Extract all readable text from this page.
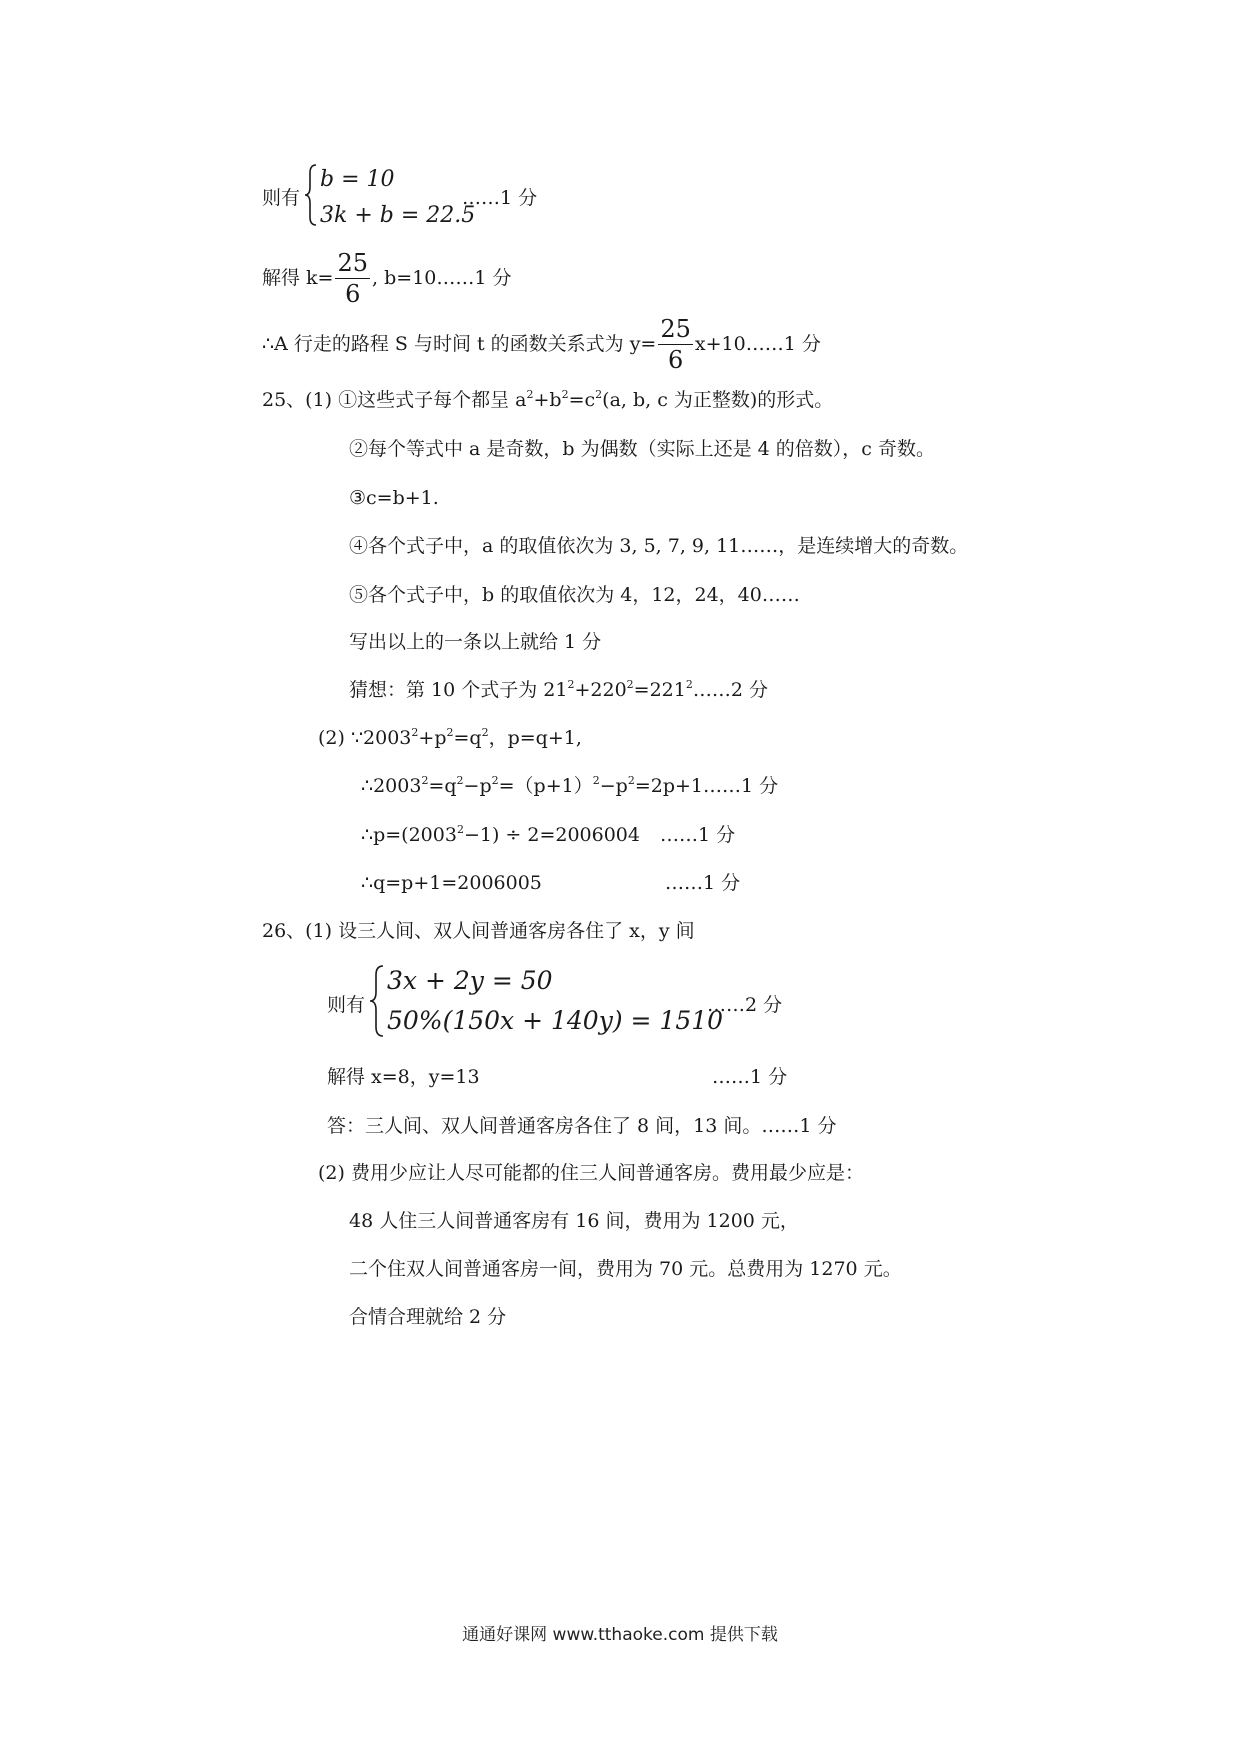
则有
b = 10
3k + b = 22.5
……1 分
解得 $k= \frac{25}{6}$ , b=10……1 分
∴A 行走的路程 S 与时间 t 的函数关系式为 $y= \frac{25}{6}$ x+10……1 分
25、(1) ①这些式子每个都呈 $a^2+b^2=c^2(a$, b, c 为正整数)的形式。
②每个等式中 a 是奇数，b 为偶数（实际上还是 4 的倍数），c 奇数。
③c=b+1.
④各个式子中，a 的取值依次为 3, 5, 7, 9, 11……，是连续增大的奇数。
⑤各个式子中，b 的取值依次为 4，12，24，40……
写出以上的一条以上就给 1 分
猜想：第 10 个式子为 $21^2+220^2=221^2\dots\dots 2$ 分
(2) $\because 2003^2+p^2=q^2$，p=q+1,
$\therefore 2003^2=q^2-p^2=(p+1)^2-p^2=2p+1\dots\dots 1$ 分
$\therefore p=(2003^2-1) \div 2=2006004$ ……1 分
∴q=p+1=2006005	……1 分
26、(1) 设三人间、双人间普通客房各住了 x，y 间
则有
3x + 2y = 50
50%(150x + 140y) = 1510
……2 分
解得 x=8，y=13	……1 分
答：三人间、双人间普通客房各住了 8 间，13 间。……1 分
(2) 费用少应让人尽可能都的住三人间普通客房。费用最少应是：
48 人住三人间普通客房有 16 间，费用为 1200 元，
二个住双人间普通客房一间，费用为 70 元。总费用为 1270 元。
合情合理就给 2 分
通通好课网 www.tthaoke.com 提供下载
